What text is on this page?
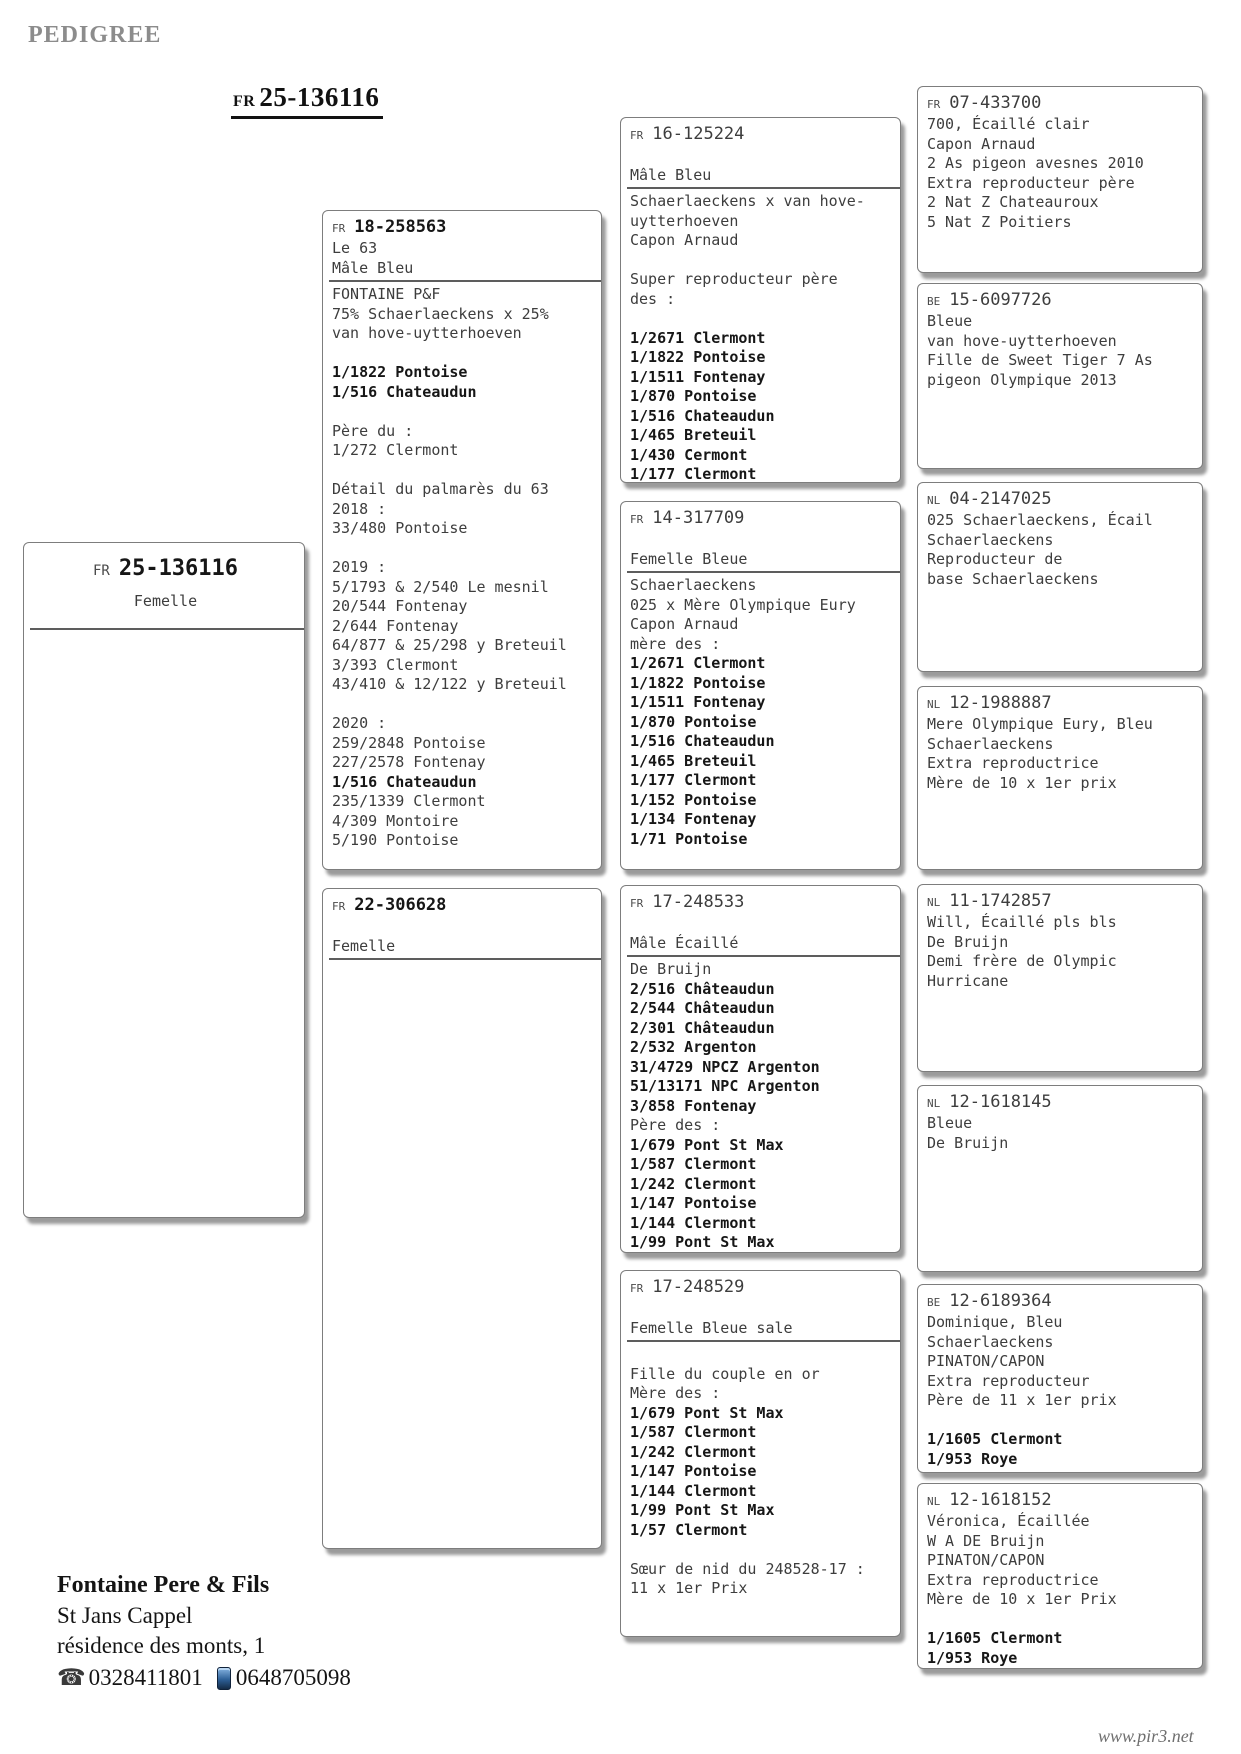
PEDIGREE
FR 25-136116
FR 25-136116
Femelle
FR 18-258563
Le 63
Mâle Bleu
FONTAINE P&F
75% Schaerlaeckens x 25%
van hove-uytterhoeven

1/1822 Pontoise
1/516 Chateaudun

Père du :
1/272 Clermont

Détail du palmarès du 63
2018 :
33/480 Pontoise

2019 :
5/1793 & 2/540 Le mesnil
20/544 Fontenay
2/644 Fontenay
64/877 & 25/298 y Breteuil
3/393 Clermont
43/410 & 12/122 y Breteuil

2020 :
259/2848 Pontoise
227/2578 Fontenay
1/516 Chateaudun
235/1339 Clermont
4/309 Montoire
5/190 Pontoise
FR 22-306628

Femelle
FR 16-125224

Mâle Bleu
Schaerlaeckens x van hove-
uytterhoeven
Capon Arnaud

Super reproducteur père
des :

1/2671 Clermont
1/1822 Pontoise
1/1511 Fontenay
1/870 Pontoise
1/516 Chateaudun
1/465 Breteuil
1/430 Cermont
1/177 Clermont
FR 14-317709

Femelle Bleue
Schaerlaeckens
025 x Mère Olympique Eury
Capon Arnaud
mère des :
1/2671 Clermont
1/1822 Pontoise
1/1511 Fontenay
1/870 Pontoise
1/516 Chateaudun
1/465 Breteuil
1/177 Clermont
1/152 Pontoise
1/134 Fontenay
1/71 Pontoise
FR 17-248533

Mâle Écaillé
De Bruijn
2/516 Châteaudun
2/544 Châteaudun
2/301 Châteaudun
2/532 Argenton
31/4729 NPCZ Argenton
51/13171 NPC Argenton
3/858 Fontenay
Père des :
1/679 Pont St Max
1/587 Clermont
1/242 Clermont
1/147 Pontoise
1/144 Clermont
1/99 Pont St Max
FR 17-248529

Femelle Bleue sale

Fille du couple en or
Mère des :
1/679 Pont St Max
1/587 Clermont
1/242 Clermont
1/147 Pontoise
1/144 Clermont
1/99 Pont St Max
1/57 Clermont

Sœur de nid du 248528-17 :
11 x 1er Prix
FR 07-433700
700, Écaillé clair
Capon Arnaud
2 As pigeon avesnes 2010
Extra reproducteur père
2 Nat Z Chateauroux
5 Nat Z Poitiers
BE 15-6097726
Bleue
van hove-uytterhoeven
Fille de Sweet Tiger 7 As
pigeon Olympique 2013
NL 04-2147025
025 Schaerlaeckens, Écail
Schaerlaeckens
Reproducteur de
base Schaerlaeckens
NL 12-1988887
Mere Olympique Eury, Bleu
Schaerlaeckens
Extra reproductrice
Mère de 10 x 1er prix
NL 11-1742857
Will, Écaillé pls bls
De Bruijn
Demi frère de Olympic
Hurricane
NL 12-1618145
Bleue
De Bruijn
BE 12-6189364
Dominique, Bleu
Schaerlaeckens
PINATON/CAPON
Extra reproducteur
Père de 11 x 1er prix

1/1605 Clermont
1/953 Roye
NL 12-1618152
Véronica, Écaillée
W A DE Bruijn
PINATON/CAPON
Extra reproductrice
Mère de 10 x 1er Prix

1/1605 Clermont
1/953 Roye
Fontaine Pere & Fils
St Jans Cappel
résidence des monts, 1
☎ 0328411801 0648705098
www.pir3.net
